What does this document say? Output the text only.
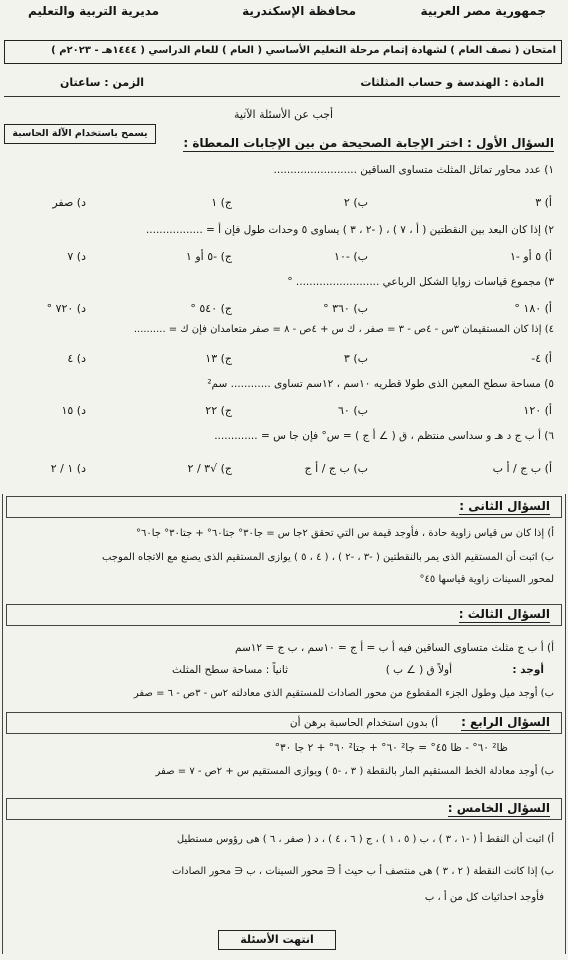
جمهورية مصر العربية
محافظة الإسكندرية
مديرية التربية والتعليم
امتحان ( نصف العام ) لشهادة إتمام مرحلة التعليم الأساسي ( العام ) للعام الدراسي ( ١٤٤٤هـ - ٢٠٢٣م )
المادة : الهندسة و حساب المثلثات
الزمن : ساعتان
أجب عن الأسئلة الآتية
يسمح باستخدام الآلة الحاسبة
السؤال الأول : اختر الإجابة الصحيحة من بين الإجابات المعطاة :
١) عدد محاور تماثل المثلث متساوى الساقين .........................
أ) ٣
ب) ٢
ج) ١
د) صفر
٢) إذا كان البعد بين النقطتين ( أ ، ٧ ) ، ( -٢ ، ٣ ) يساوى ٥ وحدات طول فإن أ = .................
أ) ٥ أو -١
ب) -١٠
ج) -٥ أو ١
د) ٧
٣) مجموع قياسات زوايا الشكل الرباعي ......................... °
أ) ١٨٠ °
ب) ٣٦٠ °
ج) ٥٤٠ °
د) ٧٢٠ °
٤) إذا كان المستقيمان ٣س - ٤ص - ٣ = صفر ، ك س + ٤ص - ٨ = صفر متعامدان فإن ك = ..........
أ) ٤-
ب) ٣
ج) ١٣
د) ٤
٥) مساحة سطح المعين الذى طولا قطريه ١٠سم ، ١٢سم تساوى ............ سم²
أ) ١٢٠
ب) ٦٠
ج) ٢٢
د) ١٥
٦) أ ب ج د هـ و سداسى منتظم ، ق ( ∠ أ ج ) = س° فإن جا س = .............
أ) ب ج / أ ب
ب) ب ج / أ ج
ج) √٣ / ٢
د) ١ / ٢
السؤال الثانى :
أ) إذا كان س قياس زاوية حادة ، فأوجد قيمة س التي تحقق ٢جا س = جا٣٠° جتا٦٠° + جتا٣٠° جا٦٠°
ب) اثبت أن المستقيم الذى يمر بالنقطتين ( -٣ ، -٢ ) ، ( ٤ ، ٥ ) يوازى المستقيم الذى يصنع مع الاتجاه الموجب
لمحور السينات زاوية قياسها ٤٥°
السؤال الثالث :
أ) أ ب ج مثلث متساوى الساقين فيه أ ب = أ ج = ١٠سم ، ب ج = ١٢سم
أوجد :
أولاً ق ( ∠ ب )
ثانياً : مساحة سطح المثلث
ب) أوجد ميل وطول الجزء المقطوع من محور الصادات للمستقيم الذى معادلته ٢س - ٣ص - ٦ = صفر
السؤال الرابع :
أ) بدون استخدام الحاسبة برهن أن
ظا² ٦٠° - ظا ٤٥° = جا² ٦٠° + جتا² ٦٠° + ٢ جا ٣٠°
ب) أوجد معادلة الخط المستقيم المار بالنقطة ( ٣ ، -٥ ) ويوازى المستقيم س + ٢ص - ٧ = صفر
السؤال الخامس :
أ) اثبت أن النقط أ ( -١ ، ٣ ) ، ب ( ٥ ، ١ ) ، ج ( ٦ ، ٤ ) ، د ( صفر ، ٦ ) هى رؤوس مستطيل
ب) إذا كانت النقطة ( ٢ ، ٣ ) هى منتصف أ ب حيث أ ∈ محور السينات ، ب ∈ محور الصادات
فأوجد احداثيات كل من أ ، ب
انتهت الأسئلة
